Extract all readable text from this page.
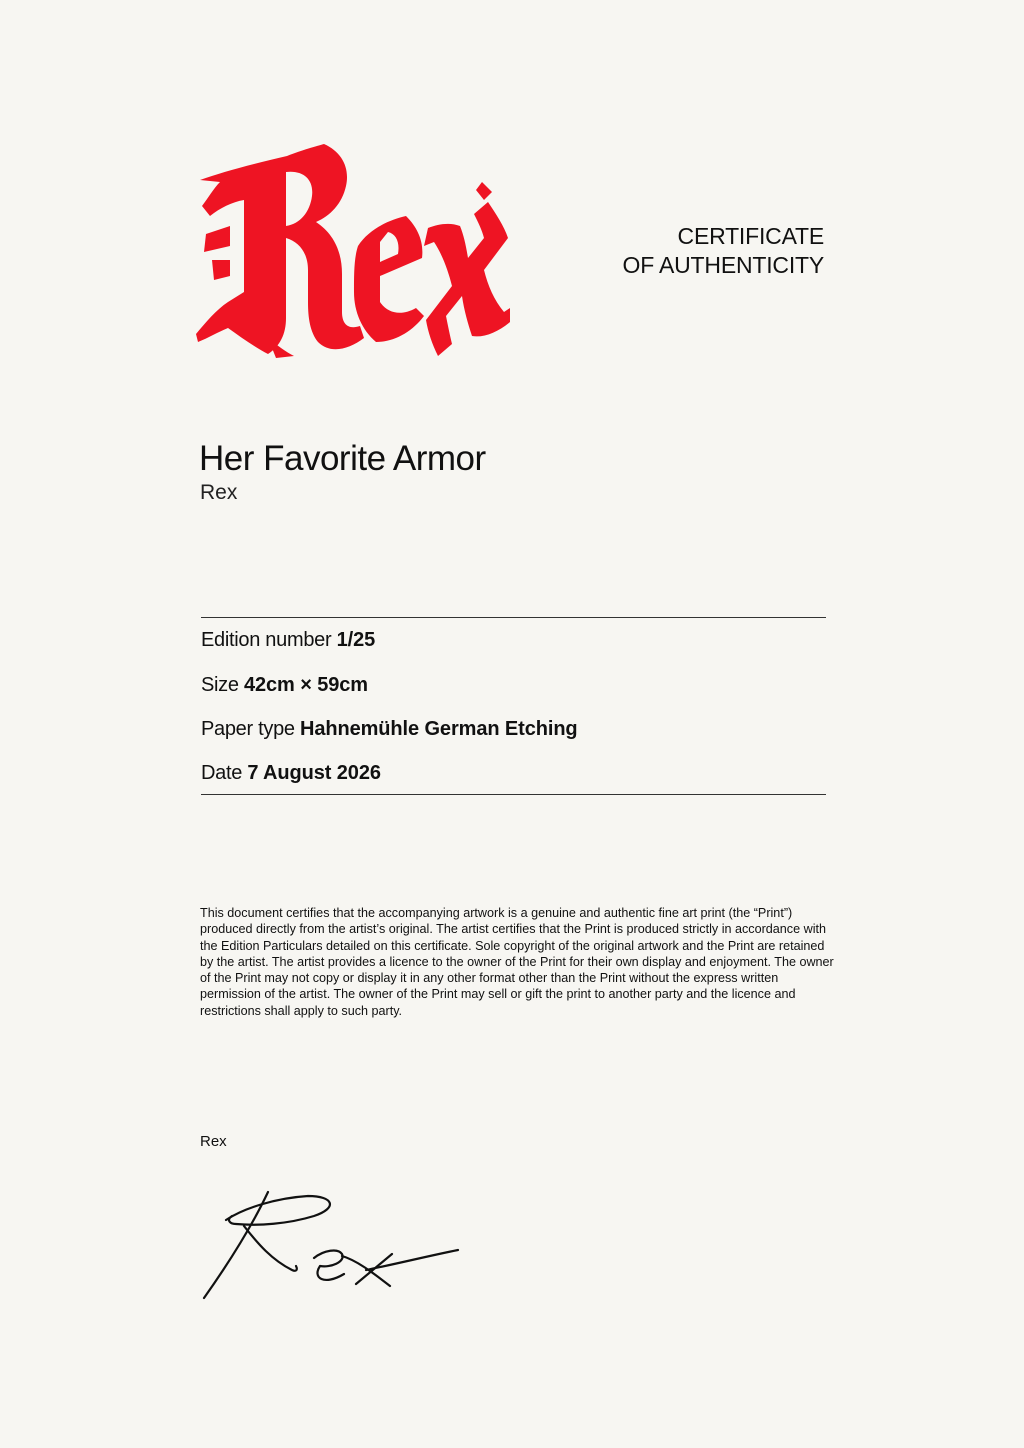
CERTIFICATE
OF AUTHENTICITY
Her Favorite Armor
Rex
Edition number 1/25
Size 42cm × 59cm
Paper type Hahnemühle German Etching
Date 7 August 2026

This document certifies that the accompanying artwork is a genuine and authentic fine art print (the “Print”) produced directly from the artist’s original. The artist certifies that the Print is produced strictly in accordance with the Edition Particulars detailed on this certificate. Sole copyright of the original artwork and the Print are retained by the artist. The artist provides a licence to the owner of the Print for their own display and enjoyment. The owner of the Print may not copy or display it in any other format other than the Print without the express written permission of the artist. The owner of the Print may sell or gift the print to another party and the licence and restrictions shall apply to such party.

Rex
